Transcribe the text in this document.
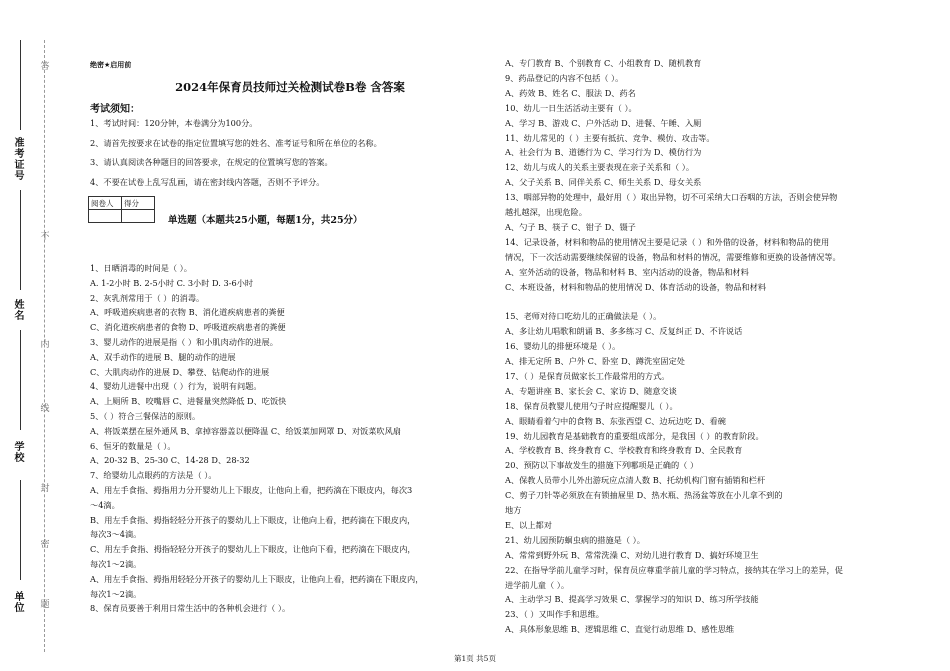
准考证号
姓名
学校
单位 题
不
内
线
封
密
答	绝密★启用前
2024年保育员技师过关检测试卷B卷 含答案
考试须知：
1、考试时间：120分钟，本卷满分为100分。
2、请首先按要求在试卷的指定位置填写您的姓名、准考证号和所在单位的名称。
3、请认真阅读各种题目的回答要求，在规定的位置填写您的答案。
4、不要在试卷上乱写乱画，请在密封线内答题，否则不予评分。
阅卷人	得分

单选题（本题共25小题，每题1分，共25分）
1、日晒消毒的时间是（ ）。
A. 1-2小时 B. 2-5小时 C. 3小时 D. 3-6小时
2、灰乳剂常用于（ ）的消毒。
A、呼吸道疾病患者的衣物 B、消化道疾病患者的粪便
C、消化道疾病患者的食物 D、呼吸道疾病患者的粪便
3、婴儿动作的进展是指（ ）和小肌肉动作的进展。
A、双手动作的进展 B、腿的动作的进展
C、大肌肉动作的进展 D、攀登、钻爬动作的进展
4、婴幼儿进餐中出现（ ）行为，说明有问题。
A、上厕所 B、咬嘴唇 C、进餐量突然降低 D、吃饭快
5、（ ）符合三餐保洁的原则。
A、将饭菜摆在屋外通风 B、拿掉容器盖以便降温 C、给饭菜加网罩 D、对饭菜吹风扇
6、恒牙的数量是（ ）。
A、20-32 B、25-30 C、14-28 D、28-32
7、给婴幼儿点眼药的方法是（ ）。
A、用左手食指、拇指用力分开婴幼儿上下眼皮，让他向上看，把药滴在下眼皮内，每次3
～4滴。
B、用左手食指、拇指轻轻分开孩子的婴幼儿上下眼皮，让他向上看，把药滴在下眼皮内，
每次3～4滴。
C、用左手食指、拇指轻轻分开孩子的婴幼儿上下眼皮，让他向下看，把药滴在下眼皮内，
每次1～2滴。
A、用左手食指、拇指用轻轻分开孩子的婴幼儿上下眼皮，让他向上看，把药滴在下眼皮内，
每次1～2滴。
8、保育员要善于利用日常生活中的各种机会进行（ ）。
A、专门教育 B、个别教育 C、小组教育 D、随机教育
9、药品登记的内容不包括（ ）。
A、药效 B、姓名 C、服法 D、药名
10、幼儿一日生活活动主要有（ ）。
A、学习 B、游戏 C、户外活动 D、进餐、午睡、入厕
11、幼儿常见的（ ）主要有抵抗、竞争、模仿、攻击等。
A、社会行为 B、道德行为 C、学习行为 D、模仿行为
12、幼儿与成人的关系主要表现在亲子关系和（ ）。
A、父子关系 B、同伴关系 C、师生关系 D、母女关系
13、咽部异物的处理中，最好用（ ）取出异物，切不可采纳大口吞咽的方法，否则会使异物
越扎越深，出现危险。
A、勺子 B、筷子 C、钳子 D、镊子
14、记录设备，材料和物品的使用情况主要是记录（ ）和外借的设备，材料和物品的使用
情况，下一次活动需要继续保留的设备，物品和材料的情况，需要维修和更换的设备情况等。
A、室外活动的设备，物品和材料 B、室内活动的设备，物品和材料
C、本班设备，材料和物品的使用情况 D、体育活动的设备，物品和材料
15、老师对待口吃幼儿的正确做法是（ ）。
A、多让幼儿唱歌和朗诵 B、多多练习 C、反复纠正 D、不许说话
16、婴幼儿的排便环境是（ ）。
A、排无定所 B、户外 C、卧室 D、蹲洗室固定处
17、（ ）是保育员做家长工作最常用的方式。
A、专题讲座 B、家长会 C、家访 D、随意交谈
18、保育员教婴儿使用勺子时应提醒婴儿（ ）。
A、眼睛看着勺中的食物 B、东张西望 C、边玩边吃 D、看碗
19、幼儿园教育是基础教育的重要组成部分，是我国（ ）的教育阶段。
A、学校教育 B、终身教育 C、学校教育和终身教育 D、全民教育
20、预防以下事故发生的措施下列哪项是正确的（ ）
A、保教人员带小儿外出游玩应点清人数 B、托幼机构门窗有插销和栏杆
C、剪子刀针等必须放在有锁抽屉里 D、热水瓶、热汤盆等放在小儿拿不到的
地方
E、以上都对
21、幼儿园预防蛔虫病的措施是（ ）。
A、常常到野外玩 B、常常洗澡 C、对幼儿进行教育 D、搞好环境卫生
22、在指导学前儿童学习时，保育员应尊重学前儿童的学习特点，接纳其在学习上的差异，促
进学前儿童（ ）。
A、主动学习 B、提高学习效果 C、掌握学习的知识 D、练习所学技能
23、（ ）又叫作手和思维。
A、具体形象思维 B、逻辑思维 C、直觉行动思维 D、感性思维
第1页 共5页
